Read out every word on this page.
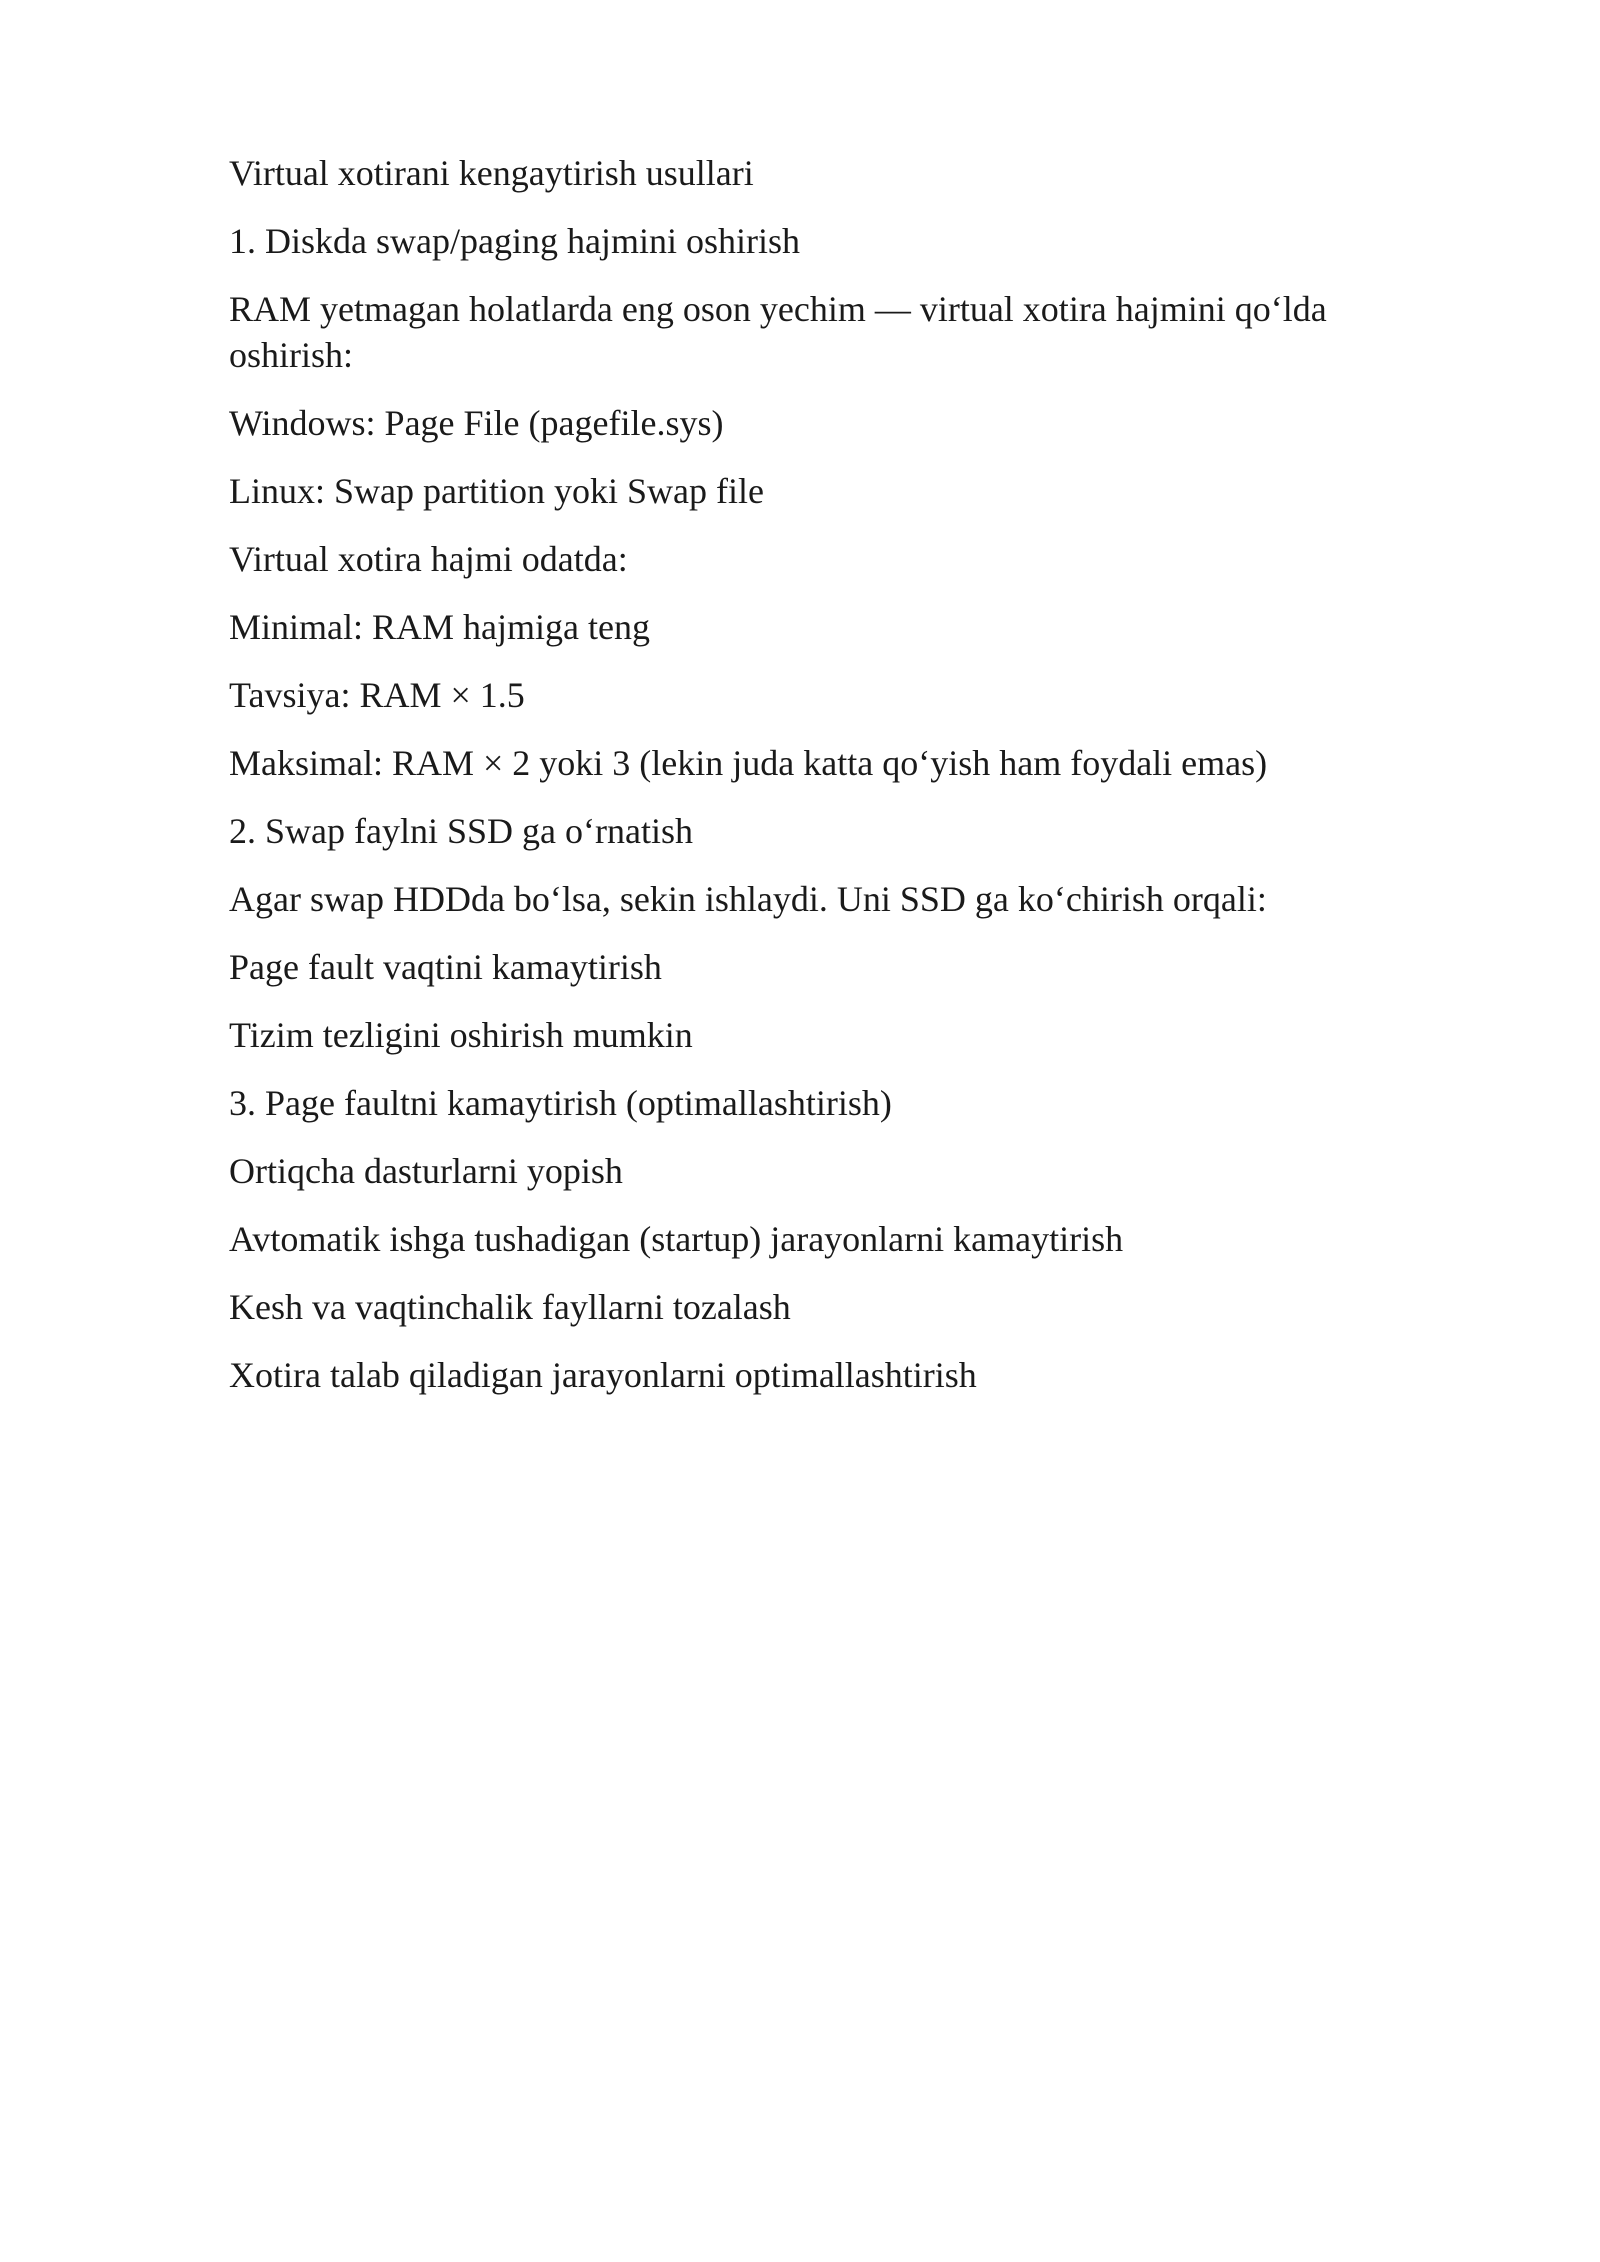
Virtual xotirani kengaytirish usullari

1. Diskda swap/paging hajmini oshirish

RAM yetmagan holatlarda eng oson yechim — virtual xotira hajmini qo‘lda oshirish:

Windows: Page File (pagefile.sys)

Linux: Swap partition yoki Swap file

Virtual xotira hajmi odatda:

Minimal: RAM hajmiga teng

Tavsiya: RAM × 1.5

Maksimal: RAM × 2 yoki 3 (lekin juda katta qo‘yish ham foydali emas)

2. Swap faylni SSD ga o‘rnatish

Agar swap HDDda bo‘lsa, sekin ishlaydi. Uni SSD ga ko‘chirish orqali:

Page fault vaqtini kamaytirish

Tizim tezligini oshirish mumkin

3. Page faultni kamaytirish (optimallashtirish)

Ortiqcha dasturlarni yopish

Avtomatik ishga tushadigan (startup) jarayonlarni kamaytirish

Kesh va vaqtinchalik fayllarni tozalash

Xotira talab qiladigan jarayonlarni optimallashtirish
